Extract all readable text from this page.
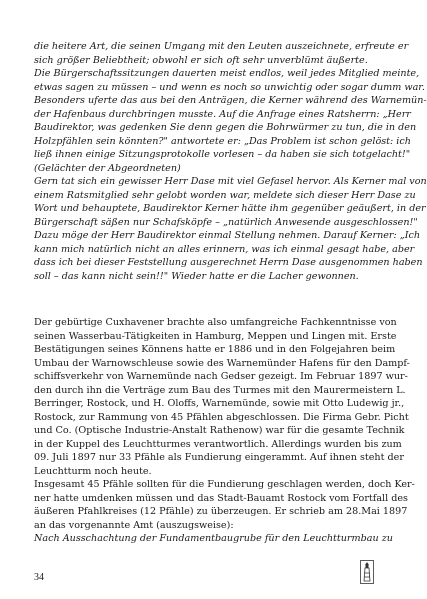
die heitere Art, die seinen Umgang mit den Leuten auszeichnete, erfreute er
sich größer Beliebtheit; obwohl er sich oft sehr unverblümt äußerte.
Die Bürgerschaftssitzungen dauerten meist endlos, weil jedes Mitglied meinte,
etwas sagen zu müssen – und wenn es noch so unwichtig oder sogar dumm war.
Besonders uferte das aus bei den Anträgen, die Kerner während des Warnemün-
der Hafenbaus durchbringen musste. Auf die Anfrage eines Ratsherrn: „Herr
Baudirektor, was gedenken Sie denn gegen die Bohrwürmer zu tun, die in den
Holzpfählen sein könnten?" antwortete er: „Das Problem ist schon gelöst: ich
ließ ihnen einige Sitzungsprotokolle vorlesen – da haben sie sich totgelacht!"
(Gelächter der Abgeordneten)
Gern tat sich ein gewisser Herr Dase mit viel Gefasel hervor. Als Kerner mal von
einem Ratsmitglied sehr gelobt worden war, meldete sich dieser Herr Dase zu
Wort und behauptete, Baudirektor Kerner hätte ihm gegenüber geäußert, in der
Bürgerschaft säßen nur Schafsköpfe – „natürlich Anwesende ausgeschlossen!"
Dazu möge der Herr Baudirektor einmal Stellung nehmen. Darauf Kerner: „Ich
kann mich natürlich nicht an alles erinnern, was ich einmal gesagt habe, aber
dass ich bei dieser Feststellung ausgerechnet Herrn Dase ausgenommen haben
soll – das kann nicht sein!!" Wieder hatte er die Lacher gewonnen.
Der gebürtige Cuxhavener brachte also umfangreiche Fachkenntnisse von
seinen Wasserbau-Tätigkeiten in Hamburg, Meppen und Lingen mit. Erste
Bestätigungen seines Könnens hatte er 1886 und in den Folgejahren beim
Umbau der Warnowschleuse sowie des Warnemünder Hafens für den Dampf-
schiffsverkehr von Warnemünde nach Gedser gezeigt. Im Februar 1897 wur-
den durch ihn die Verträge zum Bau des Turmes mit den Maurermeistern L.
Berringer, Rostock, und H. Oloffs, Warnemünde, sowie mit Otto Ludewig jr.,
Rostock, zur Rammung von 45 Pfählen abgeschlossen. Die Firma Gebr. Picht
und Co. (Optische Industrie-Anstalt Rathenow) war für die gesamte Technik
in der Kuppel des Leuchtturmes verantwortlich. Allerdings wurden bis zum
09. Juli 1897 nur 33 Pfähle als Fundierung eingerammt. Auf ihnen steht der
Leuchtturm noch heute.
Insgesamt 45 Pfähle sollten für die Fundierung geschlagen werden, doch Ker-
ner hatte umdenken müssen und das Stadt-Bauamt Rostock vom Fortfall des
äußeren Pfahlkreises (12 Pfähle) zu überzeugen. Er schrieb am 28.Mai 1897
an das vorgenannte Amt (auszugsweise):
Nach Ausschachtung der Fundamentbaugrube für den Leuchtturmbau zu
34
